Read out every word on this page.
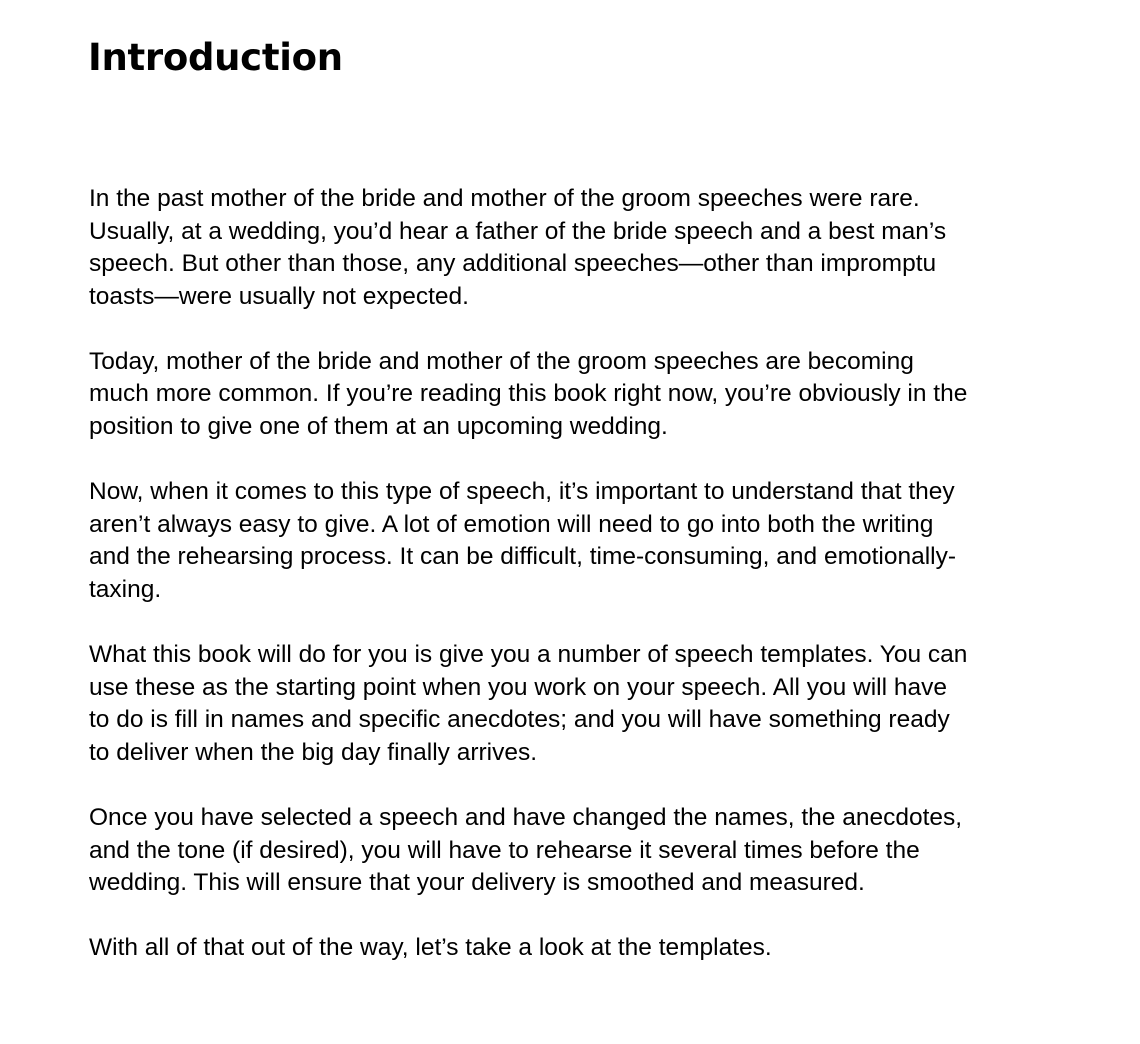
Introduction

In the past mother of the bride and mother of the groom speeches were rare.
Usually, at a wedding, you’d hear a father of the bride speech and a best man’s
speech. But other than those, any additional speeches—other than impromptu
toasts—were usually not expected.

Today, mother of the bride and mother of the groom speeches are becoming
much more common. If you’re reading this book right now, you’re obviously in the
position to give one of them at an upcoming wedding.

Now, when it comes to this type of speech, it’s important to understand that they
aren’t always easy to give. A lot of emotion will need to go into both the writing
and the rehearsing process. It can be difficult, time-consuming, and emotionally-
taxing.

What this book will do for you is give you a number of speech templates. You can
use these as the starting point when you work on your speech. All you will have
to do is fill in names and specific anecdotes; and you will have something ready
to deliver when the big day finally arrives.

Once you have selected a speech and have changed the names, the anecdotes,
and the tone (if desired), you will have to rehearse it several times before the
wedding. This will ensure that your delivery is smoothed and measured.

With all of that out of the way, let’s take a look at the templates.
